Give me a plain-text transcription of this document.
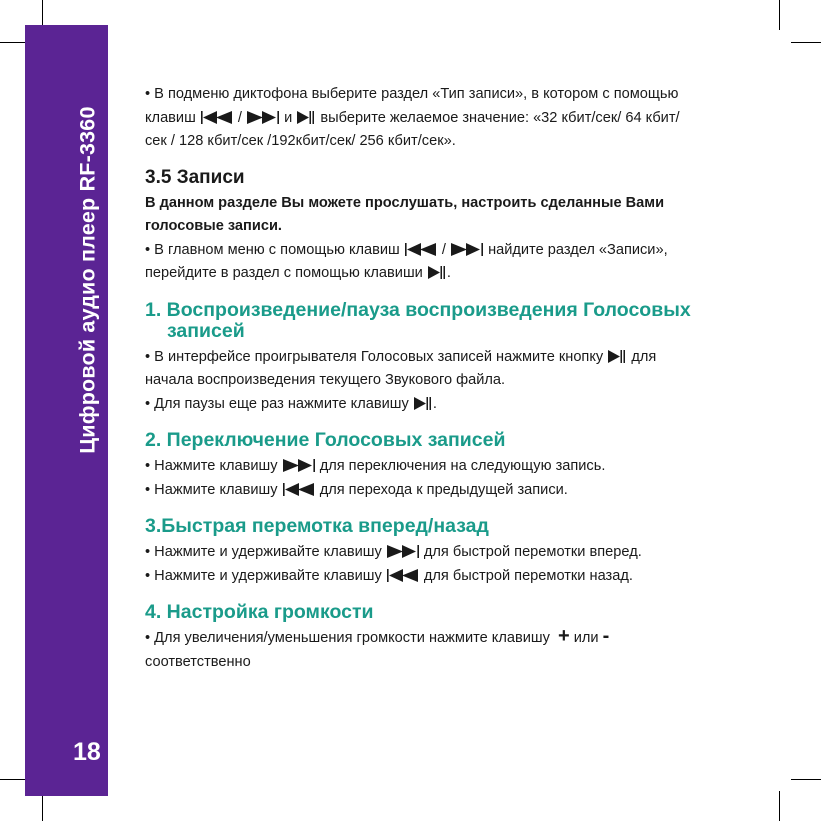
Цифровой аудио плеер RF-3360
18

• В подменю диктофона выберите раздел «Тип записи», в котором с помощью

клавиш	/	и выберите желаемое значение: «32 кбит/сек/ 64 кбит/

сек / 128 кбит/сек /192кбит/сек/ 256 кбит/сек».

3.5 Записи

В данном разделе Вы можете прослушать, настроить сделанные Вами

голосовые записи.

• В главном меню с помощью клавиш	/	найдите раздел «Записи»,

перейдите в раздел с помощью клавиши .

1. Воспроизведение/пауза воспроизведения Голосовых
записей

• В интерфейсе проигрывателя Голосовых записей нажмите кнопку для

начала воспроизведения текущего Звукового файла.

• Для паузы еще раз нажмите клавишу .

2. Переключение Голосовых записей

• Нажмите клавишу	для переключения на следующую запись.

• Нажмите клавишу	для перехода к предыдущей записи.

3.Быстрая перемотка вперед/назад

• Нажмите и удерживайте клавишу	для быстрой перемотки вперед.

• Нажмите и удерживайте клавишу	для быстрой перемотки назад.

4. Настройка громкости

• Для увеличения/уменьшения громкости нажмите клавишу + или -

соответственно
